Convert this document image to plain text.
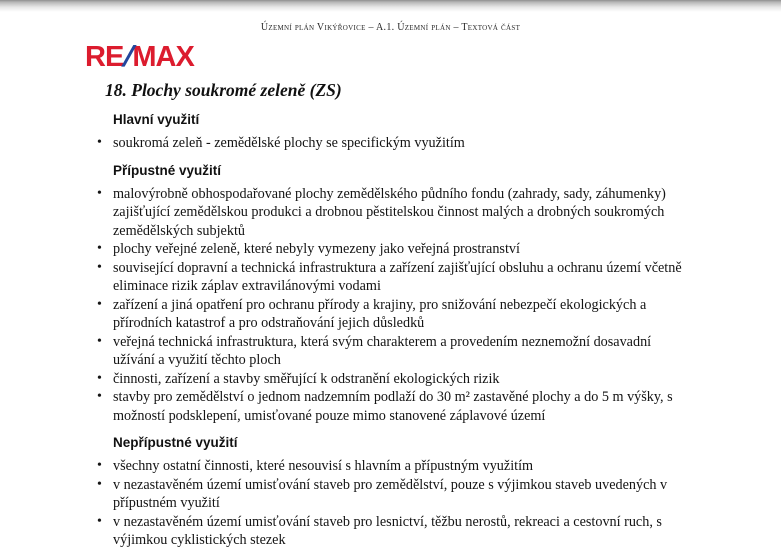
Územní plán Vikýřovice – A.1. Územní plán – Textová část
RE/MAX
18. Plochy soukromé zeleně (ZS)
Hlavní využití
• soukromá zeleň - zemědělské plochy se specifickým využitím
Přípustné využití
• malovýrobně obhospodařované plochy zemědělského půdního fondu (zahrady, sady, záhumenky) zajišťující zemědělskou produkci a drobnou pěstitelskou činnost malých a drobných soukromých zemědělských subjektů
• plochy veřejné zeleně, které nebyly vymezeny jako veřejná prostranství
• související dopravní a technická infrastruktura a zařízení zajišťující obsluhu a ochranu území včetně eliminace rizik záplav extravilánovými vodami
• zařízení a jiná opatření pro ochranu přírody a krajiny, pro snižování nebezpečí ekologických a přírodních katastrof a pro odstraňování jejich důsledků
• veřejná technická infrastruktura, která svým charakterem a provedením neznemožní dosavadní užívání a využití těchto ploch
• činnosti, zařízení a stavby směřující k odstranění ekologických rizik
• stavby pro zemědělství o jednom nadzemním podlaží do 30 m² zastavěné plochy a do 5 m výšky, s možností podsklepení, umisťované pouze mimo stanovené záplavové území
Nepřípustné využití
• všechny ostatní činnosti, které nesouvisí s hlavním a přípustným využitím
• v nezastavěném území umisťování staveb pro zemědělství, pouze s výjimkou staveb uvedených v přípustném využití
• v nezastavěném území umisťování staveb pro lesnictví, těžbu nerostů, rekreaci a cestovní ruch, s výjimkou cyklistických stezek
